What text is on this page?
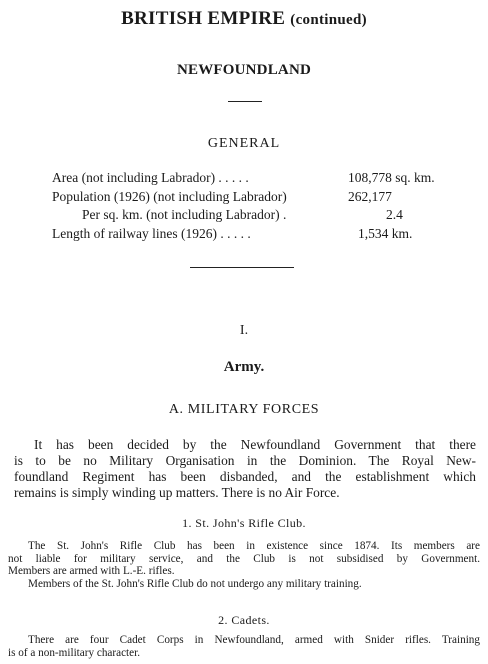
BRITISH EMPIRE (continued)
NEWFOUNDLAND
GENERAL
Area (not including Labrador) . . . . .	108,778 sq. km.
Population (1926) (not including Labrador)	262,177
Per sq. km. (not including Labrador) .	2.4
Length of railway lines (1926) . . . . .	1,534 km.
I.
Army.
A. MILITARY FORCES
It has been decided by the Newfoundland Government that there
is to be no Military Organisation in the Dominion. The Royal New-
foundland Regiment has been disbanded, and the establishment which
remains is simply winding up matters. There is no Air Force.
1. St. John's Rifle Club.
The St. John's Rifle Club has been in existence since 1874. Its members are
not liable for military service, and the Club is not subsidised by Government.
Members are armed with L.-E. rifles.
Members of the St. John's Rifle Club do not undergo any military training.
2. Cadets.
There are four Cadet Corps in Newfoundland, armed with Snider rifles. Training
is of a non-military character.
